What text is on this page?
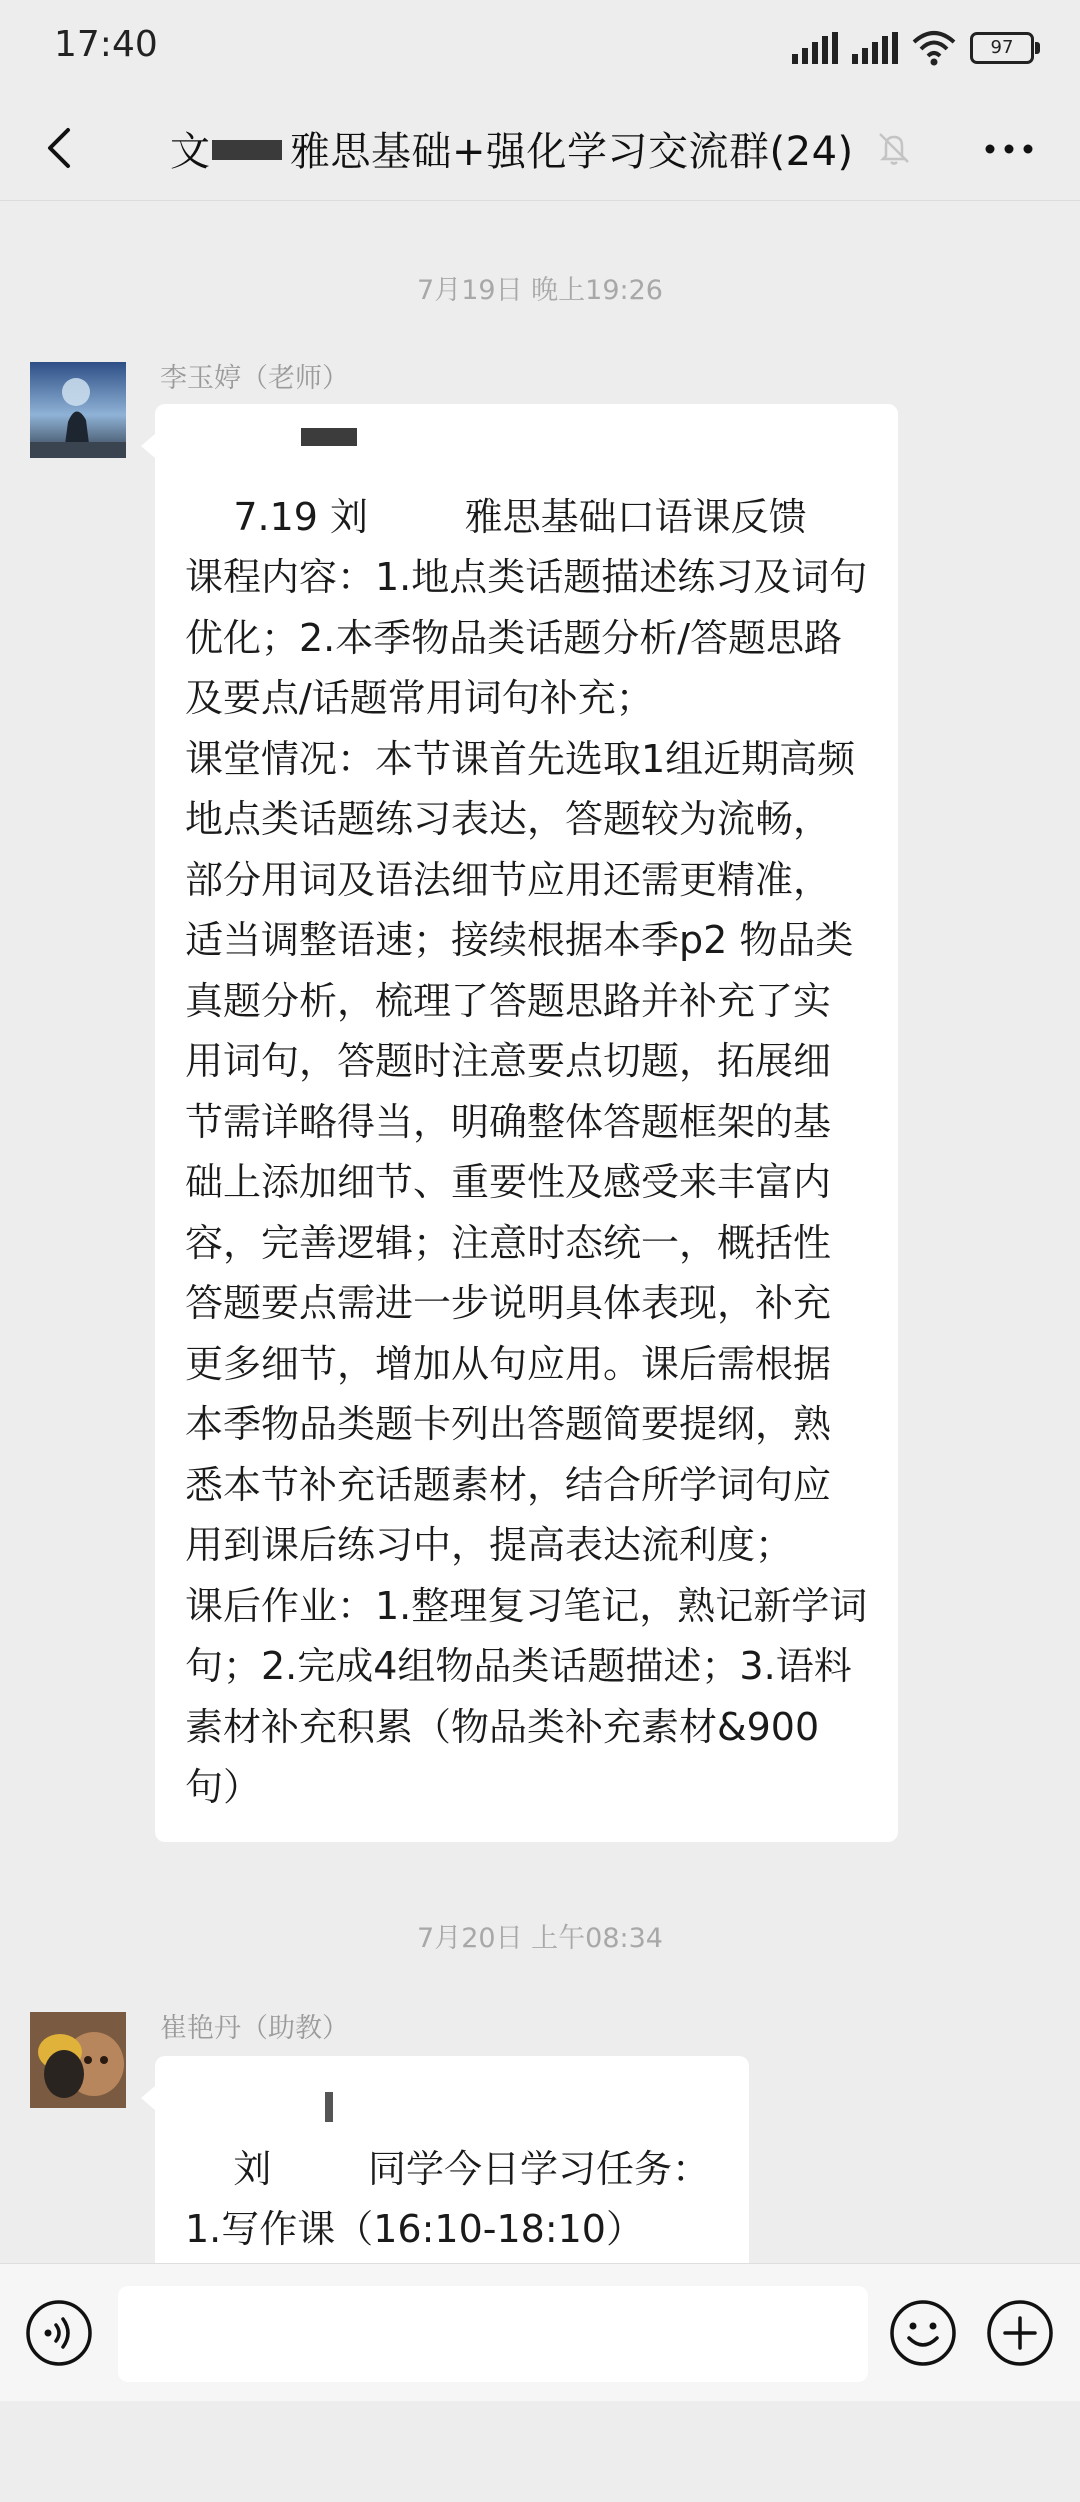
17:40	97
文	雅思基础+强化学习交流群(24)
7月19日 晚上19:26
李玉婷（老师）

7.19 刘        雅思基础口语课反馈
课程内容：1.地点类话题描述练习及词句优化；2.本季物品类话题分析/答题思路及要点/话题常用词句补充；
课堂情况：本节课首先选取1组近期高频地点类话题练习表达，答题较为流畅，部分用词及语法细节应用还需更精准，适当调整语速；接续根据本季p2 物品类真题分析，梳理了答题思路并补充了实用词句，答题时注意要点切题，拓展细节需详略得当，明确整体答题框架的基础上添加细节、重要性及感受来丰富内容，完善逻辑；注意时态统一，概括性答题要点需进一步说明具体表现，补充更多细节，增加从句应用。课后需根据本季物品类题卡列出答题简要提纲，熟悉本节补充话题素材，结合所学词句应用到课后练习中，提高表达流利度；
课后作业：1.整理复习笔记，熟记新学词句；2.完成4组物品类话题描述；3.语料素材补充积累（物品类补充素材&900 句）

7月20日 上午08:34
崔艳丹（助教）

刘        同学今日学习任务：
1.写作课（16:10-18:10）
